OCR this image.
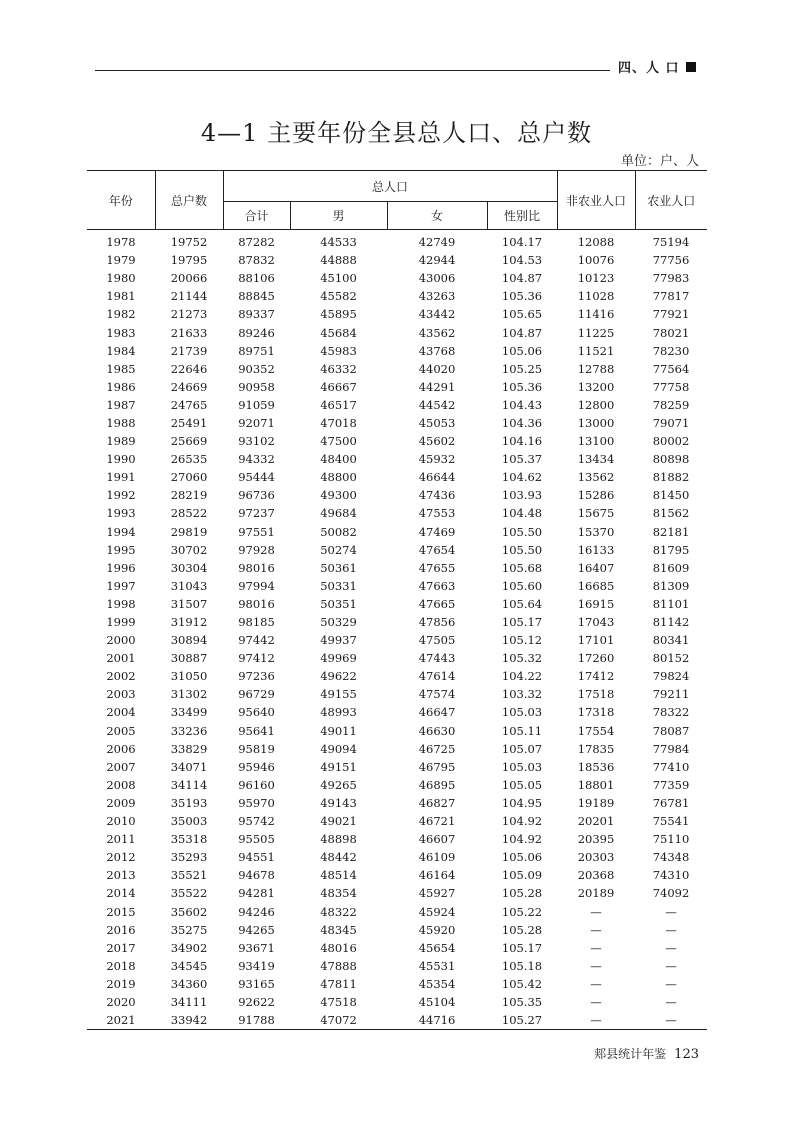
四、人 口
4—1 主要年份全县总人口、总户数
单位：户、人
年份	总户数	总人口				非农业人口	农业人口
		合计	男	女	性别比		
1978	19752	87282	44533	42749	104.17	12088	75194
1979	19795	87832	44888	42944	104.53	10076	77756
1980	20066	88106	45100	43006	104.87	10123	77983
1981	21144	88845	45582	43263	105.36	11028	77817
1982	21273	89337	45895	43442	105.65	11416	77921
1983	21633	89246	45684	43562	104.87	11225	78021
1984	21739	89751	45983	43768	105.06	11521	78230
1985	22646	90352	46332	44020	105.25	12788	77564
1986	24669	90958	46667	44291	105.36	13200	77758
1987	24765	91059	46517	44542	104.43	12800	78259
1988	25491	92071	47018	45053	104.36	13000	79071
1989	25669	93102	47500	45602	104.16	13100	80002
1990	26535	94332	48400	45932	105.37	13434	80898
1991	27060	95444	48800	46644	104.62	13562	81882
1992	28219	96736	49300	47436	103.93	15286	81450
1993	28522	97237	49684	47553	104.48	15675	81562
1994	29819	97551	50082	47469	105.50	15370	82181
1995	30702	97928	50274	47654	105.50	16133	81795
1996	30304	98016	50361	47655	105.68	16407	81609
1997	31043	97994	50331	47663	105.60	16685	81309
1998	31507	98016	50351	47665	105.64	16915	81101
1999	31912	98185	50329	47856	105.17	17043	81142
2000	30894	97442	49937	47505	105.12	17101	80341
2001	30887	97412	49969	47443	105.32	17260	80152
2002	31050	97236	49622	47614	104.22	17412	79824
2003	31302	96729	49155	47574	103.32	17518	79211
2004	33499	95640	48993	46647	105.03	17318	78322
2005	33236	95641	49011	46630	105.11	17554	78087
2006	33829	95819	49094	46725	105.07	17835	77984
2007	34071	95946	49151	46795	105.03	18536	77410
2008	34114	96160	49265	46895	105.05	18801	77359
2009	35193	95970	49143	46827	104.95	19189	76781
2010	35003	95742	49021	46721	104.92	20201	75541
2011	35318	95505	48898	46607	104.92	20395	75110
2012	35293	94551	48442	46109	105.06	20303	74348
2013	35521	94678	48514	46164	105.09	20368	74310
2014	35522	94281	48354	45927	105.28	20189	74092
2015	35602	94246	48322	45924	105.22	—	—
2016	35275	94265	48345	45920	105.28	—	—
2017	34902	93671	48016	45654	105.17	—	—
2018	34545	93419	47888	45531	105.18	—	—
2019	34360	93165	47811	45354	105.42	—	—
2020	34111	92622	47518	45104	105.35	—	—
2021	33942	91788	47072	44716	105.27	—	—
郏县统计年鉴 123
